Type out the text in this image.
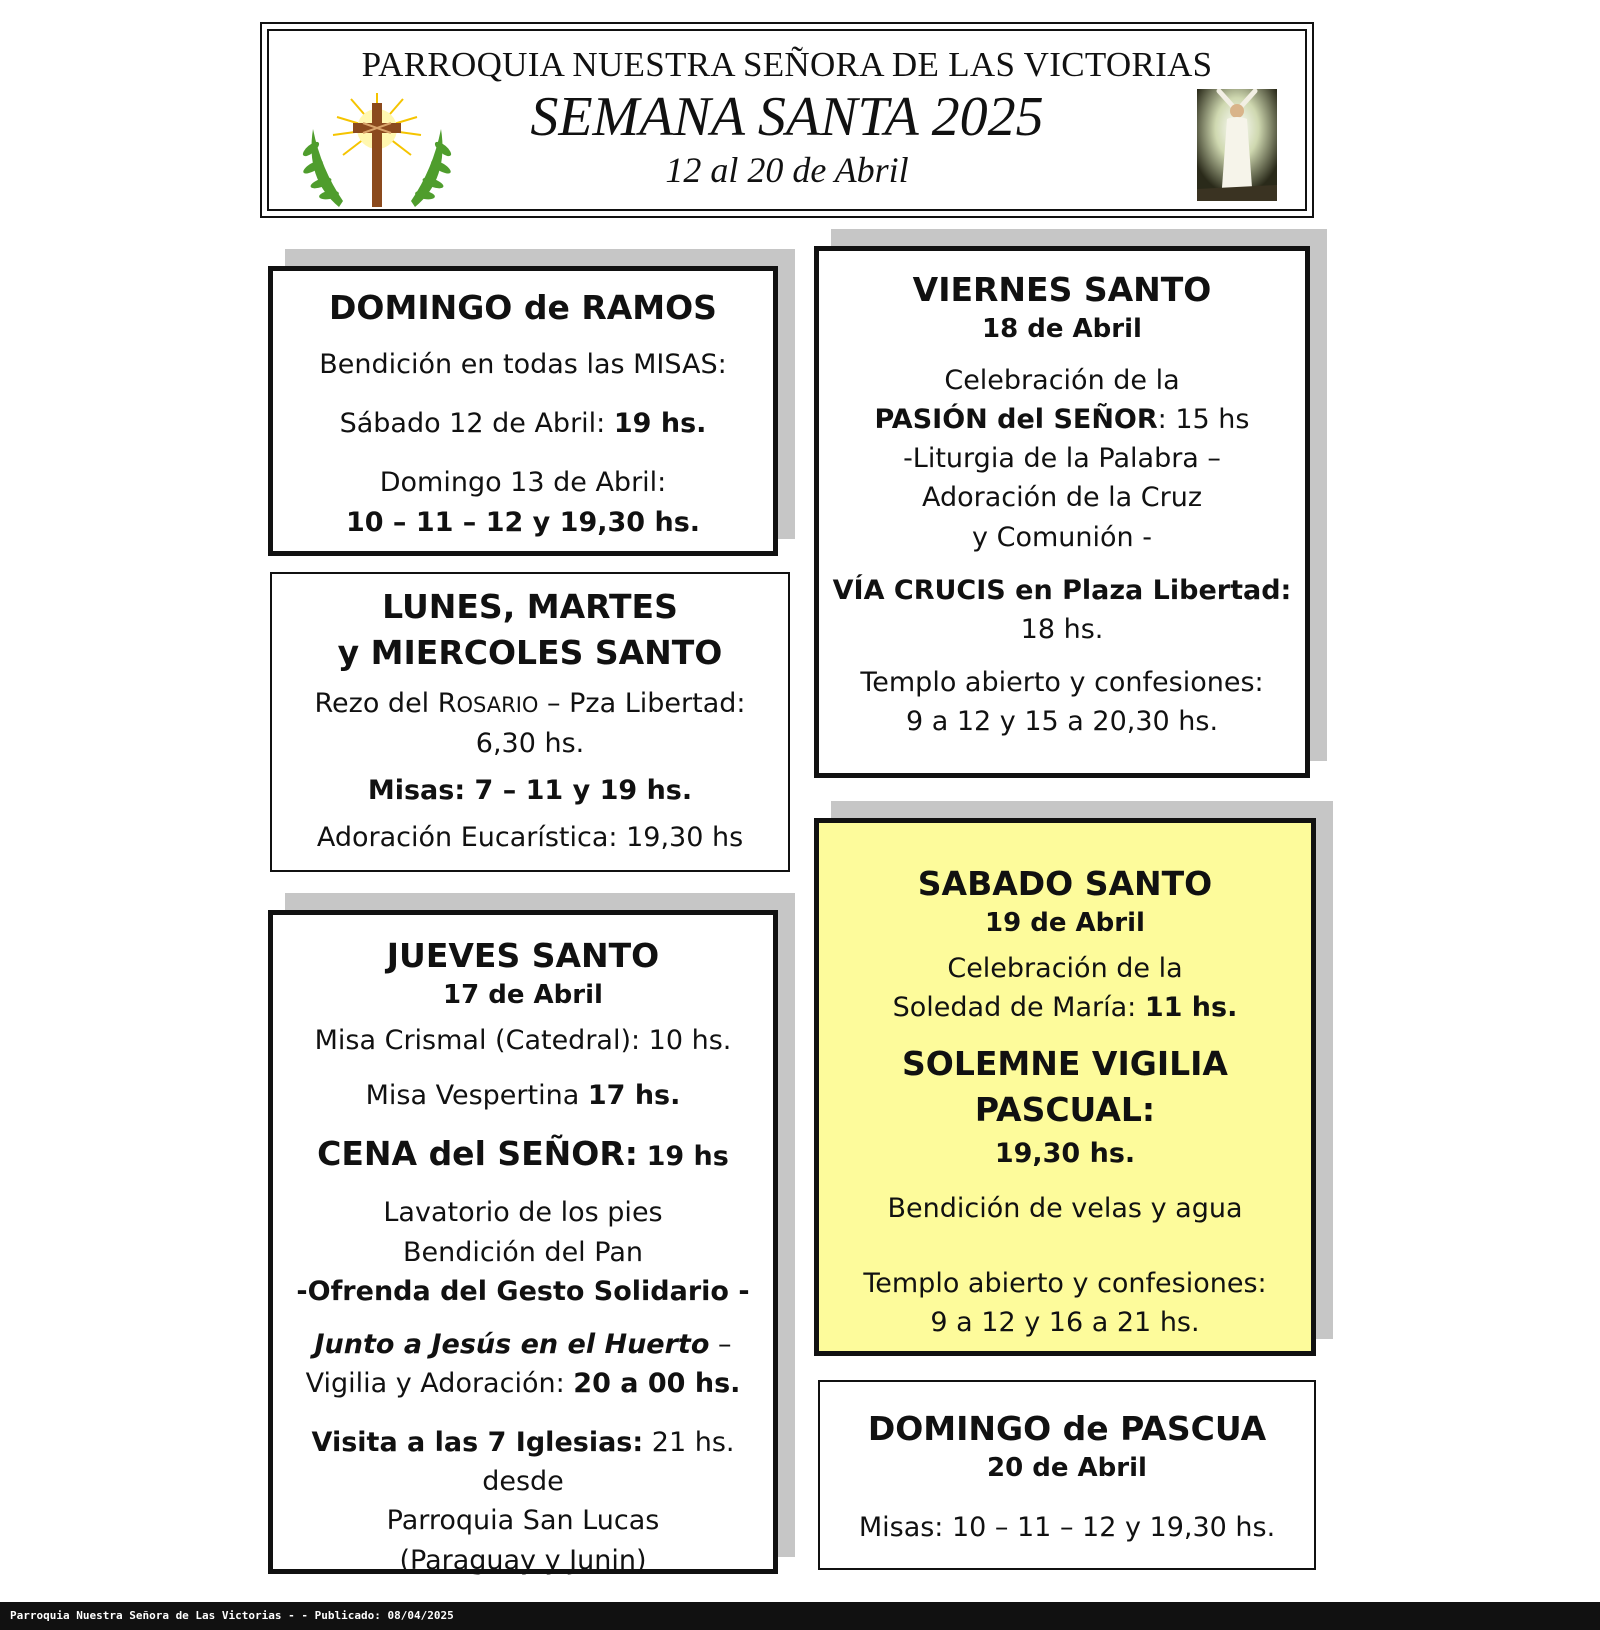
PARROQUIA NUESTRA SEÑORA DE LAS VICTORIAS
SEMANA SANTA 2025
12 al 20 de Abril
DOMINGO de RAMOS
Bendición en todas las MISAS:
Sábado 12 de Abril: 19 hs.
Domingo 13 de Abril:
10 – 11 – 12 y 19,30 hs.
LUNES, MARTES
y MIERCOLES SANTO
Rezo del ROSARIO – Pza Libertad:
6,30 hs.
Misas: 7 – 11 y 19 hs.
Adoración Eucarística: 19,30 hs
JUEVES SANTO
17 de Abril
Misa Crismal (Catedral): 10 hs.
Misa Vespertina 17 hs.
CENA del SEÑOR: 19 hs
Lavatorio de los pies
Bendición del Pan
-Ofrenda del Gesto Solidario -
Junto a Jesús en el Huerto –
Vigilia y Adoración: 20 a 00 hs.
Visita a las 7 Iglesias: 21 hs. desde
Parroquia San Lucas
(Paraguay y Junin)
VIERNES SANTO
18 de Abril
Celebración de la
PASIÓN del SEÑOR: 15 hs
-Liturgia de la Palabra –
Adoración de la Cruz
y Comunión -
VÍA CRUCIS en Plaza Libertad:
18 hs.
Templo abierto y confesiones:
9 a 12 y 15 a 20,30 hs.
SABADO SANTO
19 de Abril
Celebración de la
Soledad de María: 11 hs.
SOLEMNE VIGILIA PASCUAL:
19,30 hs.
Bendición de velas y agua
Templo abierto y confesiones:
9 a 12 y 16 a 21 hs.
DOMINGO de PASCUA
20 de Abril
Misas: 10 – 11 – 12 y 19,30 hs.
Parroquia Nuestra Señora de Las Victorias - - Publicado: 08/04/2025
